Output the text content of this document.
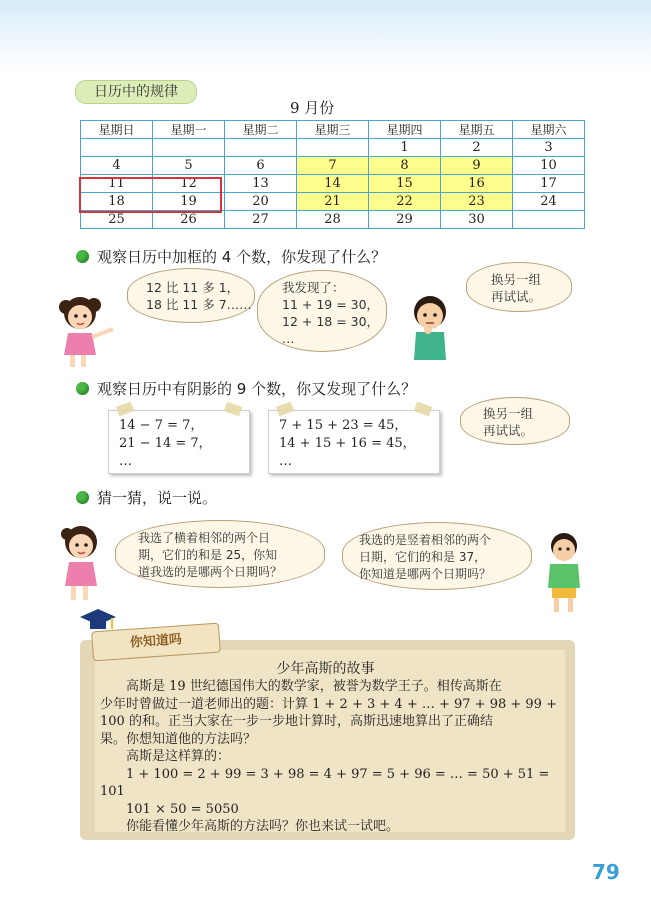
日历中的规律
9 月份
星期日	星期一	星期二	星期三	星期四	星期五	星期六
				1	2	3
4	5	6	7	8	9	10
11	12	13	14	15	16	17
18	19	20	21	22	23	24
25	26	27	28	29	30	
观察日历中加框的 4 个数，你发现了什么？
12 比 11 多 1，
18 比 11 多 7……
我发现了：
11 + 19 = 30，
12 + 18 = 30，
…
换另一组
再试试。
观察日历中有阴影的 9 个数，你又发现了什么？
14 − 7 = 7，
21 − 14 = 7，
…
7 + 15 + 23 = 45，
14 + 15 + 16 = 45，
…
换另一组
再试试。
猜一猜，说一说。
我选了横着相邻的两个日
期，它们的和是 25，你知
道我选的是哪两个日期吗？
我选的是竖着相邻的两个
日期，它们的和是 37，
你知道是哪两个日期吗？
你知道吗
少年高斯的故事
　　高斯是 19 世纪德国伟大的数学家，被誉为数学王子。相传高斯在
少年时曾做过一道老师出的题：计算 1 + 2 + 3 + 4 + … + 97 + 98 + 99 +
100 的和。正当大家在一步一步地计算时，高斯迅速地算出了正确结
果。你想知道他的方法吗？
　　高斯是这样算的：
　　1 + 100 = 2 + 99 = 3 + 98 = 4 + 97 = 5 + 96 = … = 50 + 51 = 101
　　101 × 50 = 5050
　　你能看懂少年高斯的方法吗？你也来试一试吧。
79
